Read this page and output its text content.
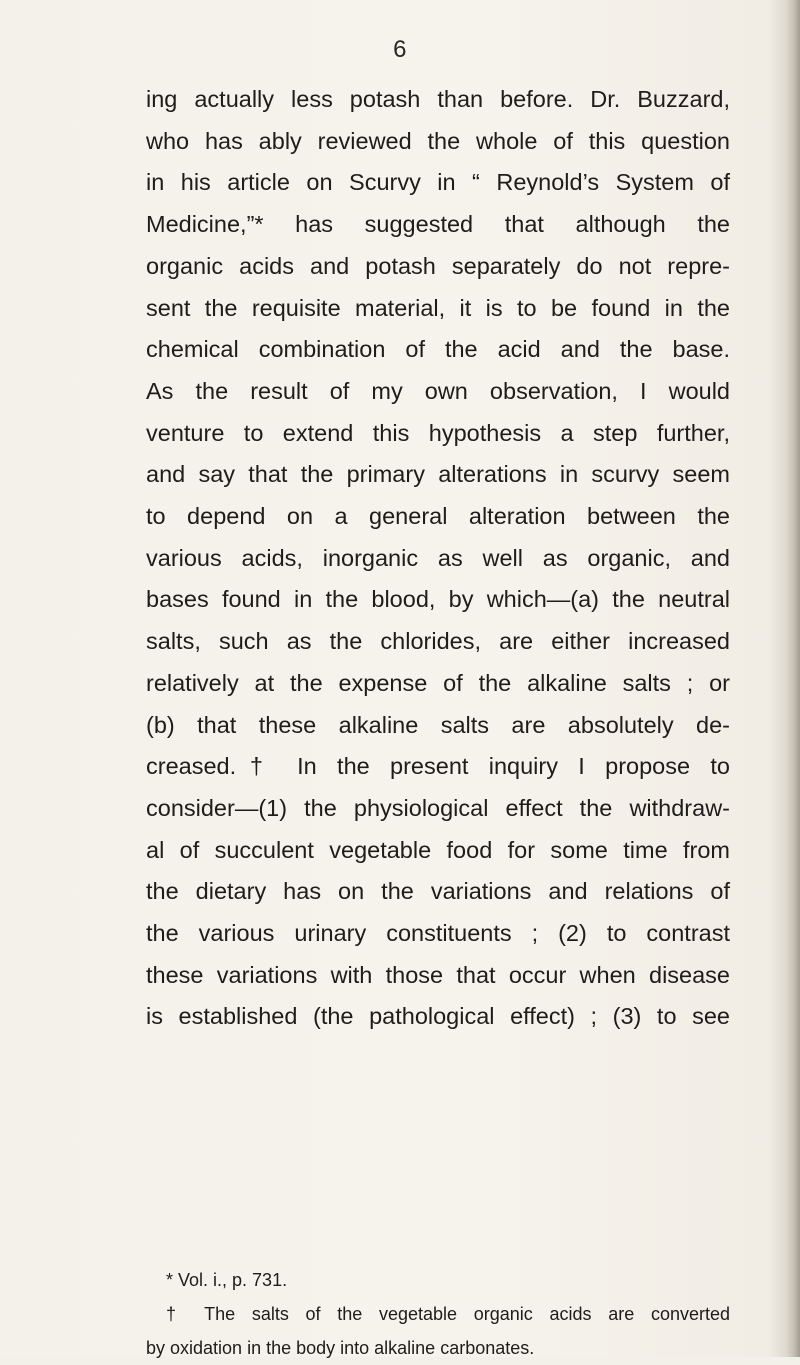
6
ing actually less potash than before. Dr. Buzzard,
who has ably reviewed the whole of this question
in his article on Scurvy in “ Reynold’s System of
Medicine,”* has suggested that although the
organic acids and potash separately do not repre-
sent the requisite material, it is to be found in the
chemical combination of the acid and the base.
As the result of my own observation, I would
venture to extend this hypothesis a step further,
and say that the primary alterations in scurvy seem
to depend on a general alteration between the
various acids, inorganic as well as organic, and
bases found in the blood, by which—(a) the neutral
salts, such as the chlorides, are either increased
relatively at the expense of the alkaline salts ; or
(b) that these alkaline salts are absolutely de-
creased.† In the present inquiry I propose to
consider—(1) the physiological effect the withdraw-
al of succulent vegetable food for some time from
the dietary has on the variations and relations of
the various urinary constituents ; (2) to contrast
these variations with those that occur when disease
is established (the pathological effect) ; (3) to see
* Vol. i., p. 731.
† The salts of the vegetable organic acids are converted
by oxidation in the body into alkaline carbonates.
